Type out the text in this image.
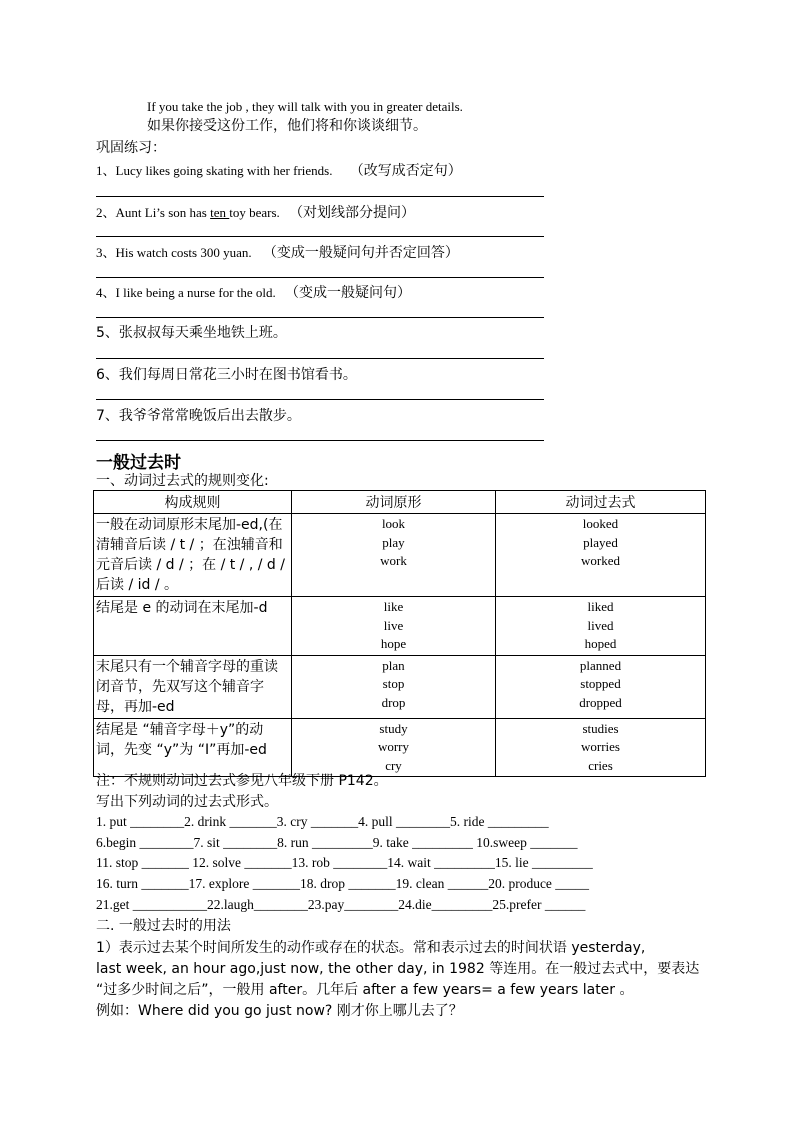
If you take the job , they will talk with you in greater details.
如果你接受这份工作，他们将和你谈谈细节。
巩固练习：
1、Lucy likes going skating with her friends. （改写成否定句）
2、Aunt Li’s son has ten toy bears. （对划线部分提问）
3、His watch costs 300 yuan. （变成一般疑问句并否定回答）
4、I like being a nurse for the old. （变成一般疑问句）
5、张叔叔每天乘坐地铁上班。
6、我们每周日常花三小时在图书馆看书。
7、我爷爷常常晚饭后出去散步。
一般过去时
一、动词过去式的规则变化:
构成规则	动词原形	动词过去式
一般在动词原形末尾加-ed,(在清辅音后读 / t / ；在浊辅音和元音后读 / d / ；在 / t / , / d / 后读 / id / 。	look
play
work	looked
played
worked

结尾是 e 的动词在末尾加-d	like
live
hope	liked
lived
hoped

末尾只有一个辅音字母的重读闭音节，先双写这个辅音字母，再加-ed	plan
stop
drop	planned
stopped
dropped

结尾是 “辅音字母＋y”的动词，先变 “y”为 “I”再加-ed	study
worry
cry	studies
worries
cries
注：不规则动词过去式参见八年级下册 P142。
写出下列动词的过去式形式。
1. put ________2. drink _______3. cry _______4. pull ________5. ride _________
6.begin ________7. sit ________8. run _________9. take _________ 10.sweep _______
11. stop _______ 12. solve _______13. rob ________14. wait _________15. lie _________
16. turn _______17. explore _______18. drop _______19. clean ______20. produce _____
21.get ___________22.laugh________23.pay________24.die_________25.prefer ______
二. 一般过去时的用法
1）表示过去某个时间所发生的动作或存在的状态。常和表示过去的时间状语 yesterday,
last week, an hour ago,just now, the other day, in 1982 等连用。在一般过去式中，要表达
“过多少时间之后”，一般用 after。几年后 after a few years= a few years later 。
例如：Where did you go just now? 刚才你上哪儿去了？
